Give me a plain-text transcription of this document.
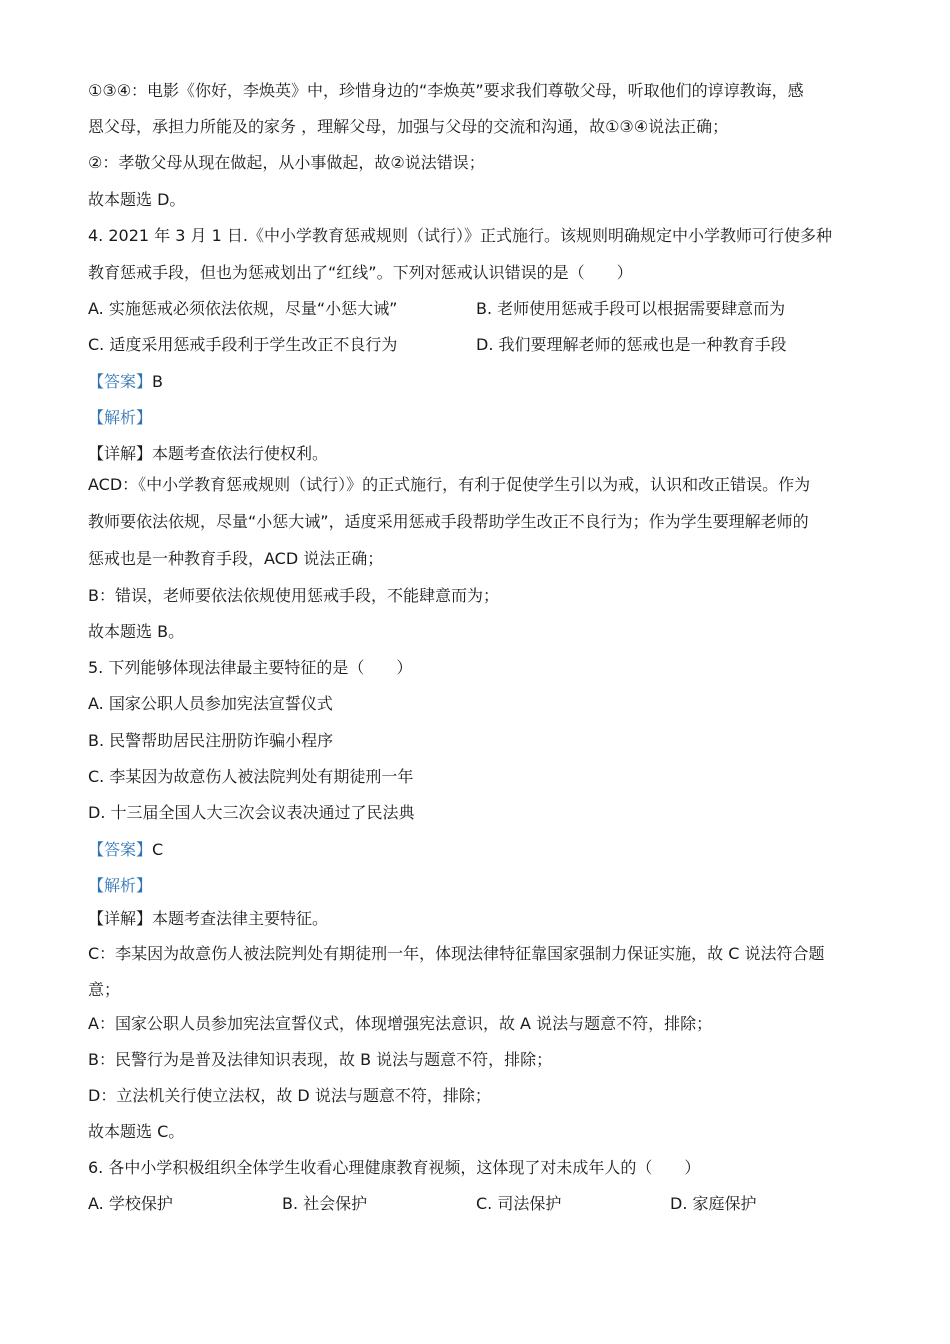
①③④：电影《你好，李焕英》中，珍惜身边的“李焕英”要求我们尊敬父母，听取他们的谆谆教诲，感
恩父母，承担力所能及的家务 ，理解父母，加强与父母的交流和沟通，故①③④说法正确；
②：孝敬父母从现在做起，从小事做起，故②说法错误；
故本题选 D。
4. 2021 年 3 月 1 日.《中小学教育惩戒规则（试行）》正式施行。该规则明确规定中小学教师可行使多种
教育惩戒手段，但也为惩戒划出了“红线”。下列对惩戒认识错误的是（　　）
A. 实施惩戒必须依法依规，尽量“小惩大诫”	B. 老师使用惩戒手段可以根据需要肆意而为
C. 适度采用惩戒手段利于学生改正不良行为	D. 我们要理解老师的惩戒也是一种教育手段
【答案】B
【解析】
【详解】本题考查依法行使权利。
ACD：《中小学教育惩戒规则（试行）》的正式施行，有利于促使学生引以为戒，认识和改正错误。作为
教师要依法依规，尽量“小惩大诫”，适度采用惩戒手段帮助学生改正不良行为；作为学生要理解老师的
惩戒也是一种教育手段，ACD 说法正确；
B：错误，老师要依法依规使用惩戒手段，不能肆意而为；
故本题选 B。
5. 下列能够体现法律最主要特征的是（　　）
A. 国家公职人员参加宪法宣誓仪式
B. 民警帮助居民注册防诈骗小程序
C. 李某因为故意伤人被法院判处有期徒刑一年
D. 十三届全国人大三次会议表决通过了民法典
【答案】C
【解析】
【详解】本题考查法律主要特征。
C：李某因为故意伤人被法院判处有期徒刑一年，体现法律特征靠国家强制力保证实施，故 C 说法符合题
意；
A：国家公职人员参加宪法宣誓仪式，体现增强宪法意识，故 A 说法与题意不符，排除；
B：民警行为是普及法律知识表现，故 B 说法与题意不符，排除；
D：立法机关行使立法权，故 D 说法与题意不符，排除；
故本题选 C。
6. 各中小学积极组织全体学生收看心理健康教育视频，这体现了对未成年人的（　　）
A. 学校保护	B. 社会保护	C. 司法保护	D. 家庭保护
